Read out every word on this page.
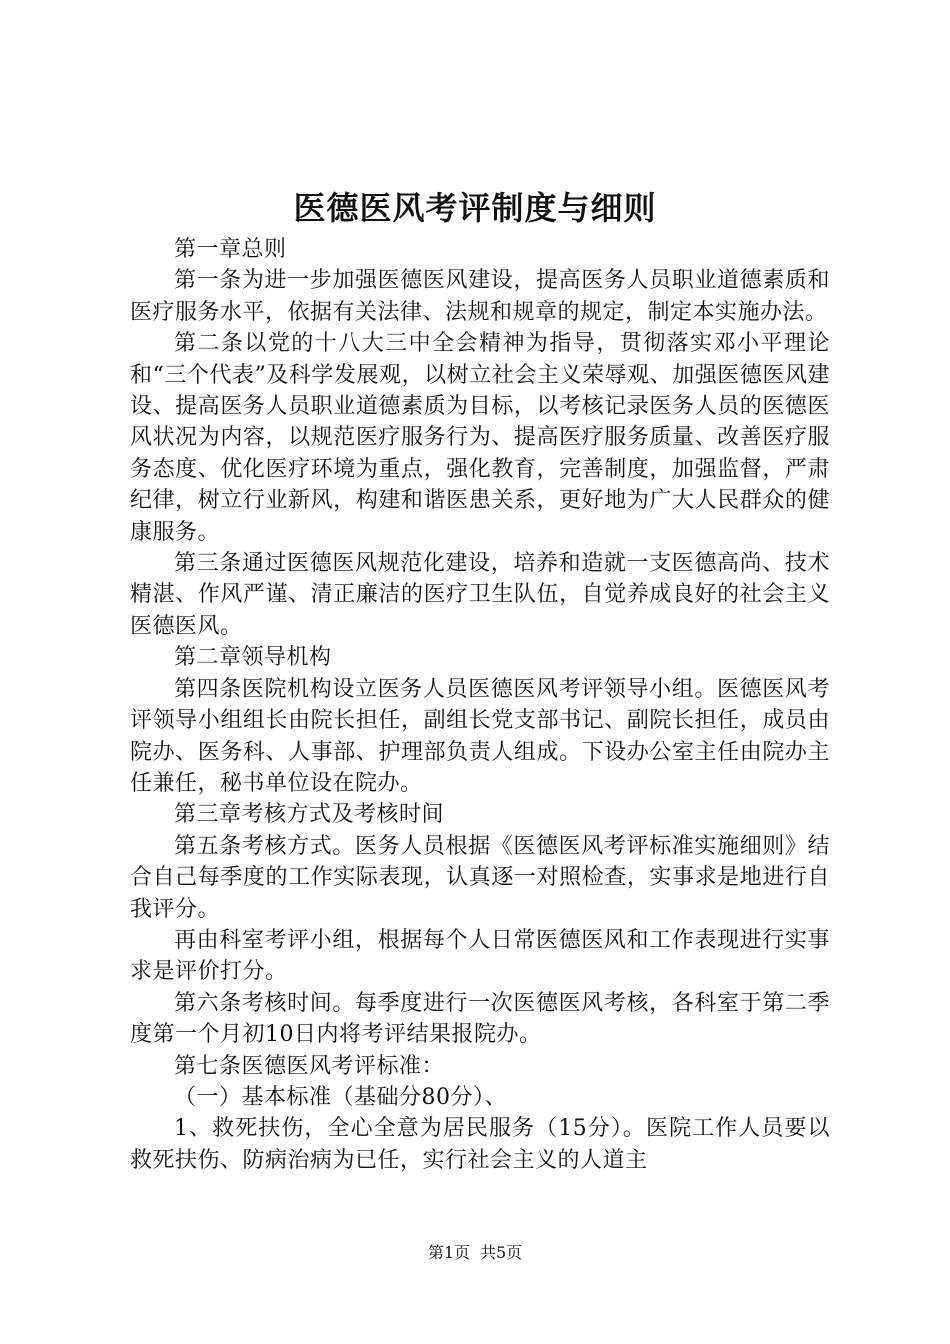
医德医风考评制度与细则

第一章总则

第一条为进一步加强医德医风建设，提高医务人员职业道德素质和医疗服务水平，依据有关法律、法规和规章的规定，制定本实施办法。

第二条以党的十八大三中全会精神为指导，贯彻落实邓小平理论和“三个代表”及科学发展观，以树立社会主义荣辱观、加强医德医风建设、提高医务人员职业道德素质为目标，以考核记录医务人员的医德医风状况为内容，以规范医疗服务行为、提高医疗服务质量、改善医疗服务态度、优化医疗环境为重点，强化教育，完善制度，加强监督，严肃纪律，树立行业新风，构建和谐医患关系，更好地为广大人民群众的健康服务。

第三条通过医德医风规范化建设，培养和造就一支医德高尚、技术精湛、作风严谨、清正廉洁的医疗卫生队伍，自觉养成良好的社会主义医德医风。

第二章领导机构

第四条医院机构设立医务人员医德医风考评领导小组。医德医风考评领导小组组长由院长担任，副组长党支部书记、副院长担任，成员由院办、医务科、人事部、护理部负责人组成。下设办公室主任由院办主任兼任，秘书单位设在院办。

第三章考核方式及考核时间

第五条考核方式。医务人员根据《医德医风考评标准实施细则》结合自己每季度的工作实际表现，认真逐一对照检查，实事求是地进行自我评分。

再由科室考评小组，根据每个人日常医德医风和工作表现进行实事求是评价打分。

第六条考核时间。每季度进行一次医德医风考核，各科室于第二季度第一个月初10日内将考评结果报院办。

第七条医德医风考评标准：

（一）基本标准（基础分80分）、

1、救死扶伤，全心全意为居民服务（15分）。医院工作人员要以救死扶伤、防病治病为已任，实行社会主义的人道主

第1页 共5页
